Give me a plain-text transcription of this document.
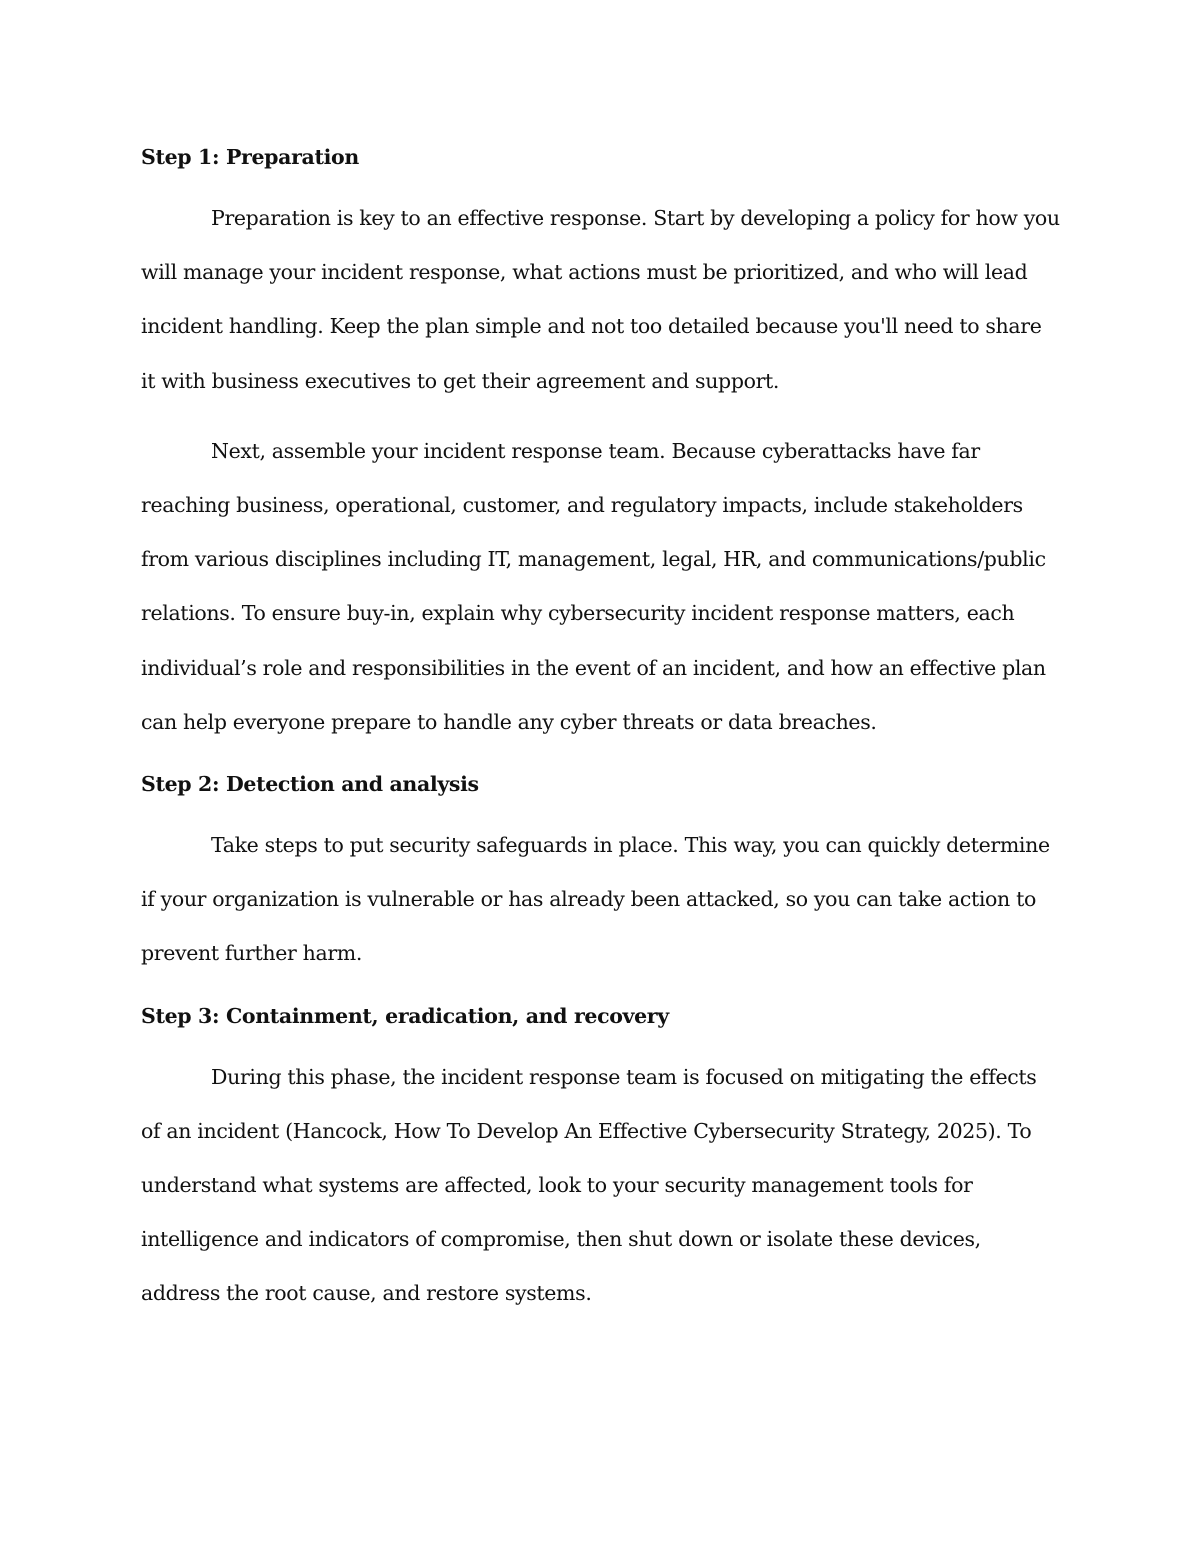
Step 1: Preparation

Preparation is key to an effective response. Start by developing a policy for how you will manage your incident response, what actions must be prioritized, and who will lead incident handling. Keep the plan simple and not too detailed because you'll need to share it with business executives to get their agreement and support.

Next, assemble your incident response team. Because cyberattacks have far reaching business, operational, customer, and regulatory impacts, include stakeholders from various disciplines including IT, management, legal, HR, and communications/public relations. To ensure buy-in, explain why cybersecurity incident response matters, each individual’s role and responsibilities in the event of an incident, and how an effective plan can help everyone prepare to handle any cyber threats or data breaches.

Step 2: Detection and analysis

Take steps to put security safeguards in place. This way, you can quickly determine if your organization is vulnerable or has already been attacked, so you can take action to prevent further harm.

Step 3: Containment, eradication, and recovery

During this phase, the incident response team is focused on mitigating the effects of an incident (Hancock, How To Develop An Effective Cybersecurity Strategy, 2025). To understand what systems are affected, look to your security management tools for intelligence and indicators of compromise, then shut down or isolate these devices, address the root cause, and restore systems.
